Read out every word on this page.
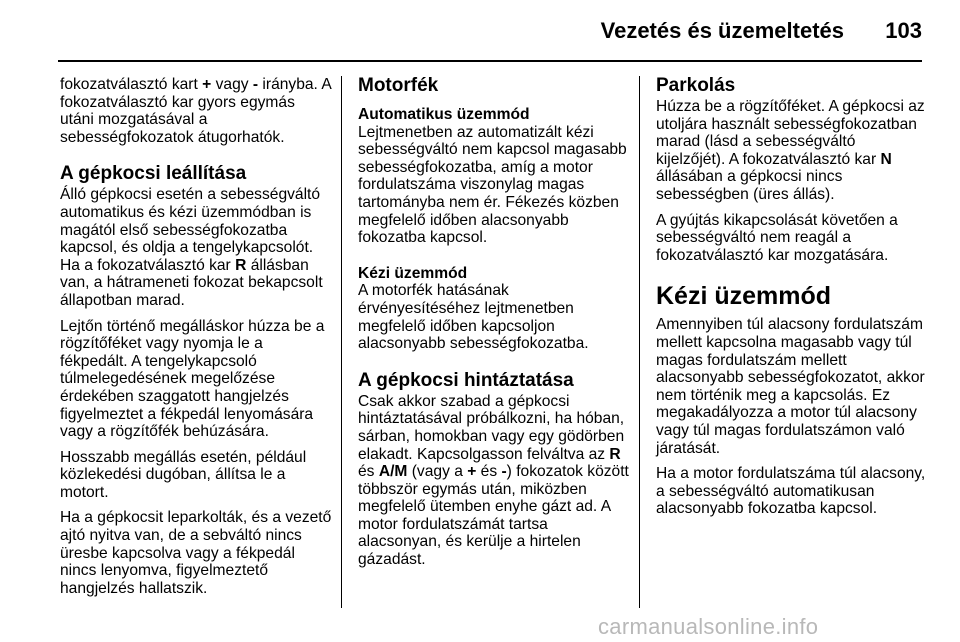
Vezetés és üzemeltetés 103

fokozatválasztó kart + vagy - irányba. A fokozatválasztó kar gyors egymás utáni mozgatásával a sebességfokozatok átugorhatók.

A gépkocsi leállítása

Álló gépkocsi esetén a sebességváltó automatikus és kézi üzemmódban is magától első sebességfokozatba kapcsol, és oldja a tengelykapcsolót. Ha a fokozatválasztó kar R állásban van, a hátrameneti fokozat bekapcsolt állapotban marad.

Lejtőn történő megálláskor húzza be a rögzítőféket vagy nyomja le a fékpedált. A tengelykapcsoló túlmelegedésének megelőzése érdekében szaggatott hangjelzés figyelmeztet a fékpedál lenyomására vagy a rögzítőfék behúzására.

Hosszabb megállás esetén, például közlekedési dugóban, állítsa le a motort.

Ha a gépkocsit leparkolták, és a vezető ajtó nyitva van, de a sebváltó nincs üresbe kapcsolva vagy a fékpedál nincs lenyomva, figyelmeztető hangjelzés hallatszik.

Motorfék
Automatikus üzemmód

Lejtmenetben az automatizált kézi sebességváltó nem kapcsol magasabb sebességfokozatba, amíg a motor fordulatszáma viszonylag magas tartományba nem ér. Fékezés közben megfelelő időben alacsonyabb fokozatba kapcsol.

Kézi üzemmód

A motorfék hatásának érvényesítéséhez lejtmenetben megfelelő időben kapcsoljon alacsonyabb sebességfokozatba.

A gépkocsi hintáztatása

Csak akkor szabad a gépkocsi hintáztatásával próbálkozni, ha hóban, sárban, homokban vagy egy gödörben elakadt. Kapcsolgasson felváltva az R és A/M (vagy a + és -) fokozatok között többször egymás után, miközben megfelelő ütemben enyhe gázt ad. A motor fordulatszámát tartsa alacsonyan, és kerülje a hirtelen gázadást.

Parkolás

Húzza be a rögzítőféket. A gépkocsi az utoljára használt sebességfokozatban marad (lásd a sebességváltó kijelzőjét). A fokozatválasztó kar N állásában a gépkocsi nincs sebességben (üres állás).

A gyújtás kikapcsolását követően a sebességváltó nem reagál a fokozatválasztó kar mozgatására.

Kézi üzemmód

Amennyiben túl alacsony fordulatszám mellett kapcsolna magasabb vagy túl magas fordulatszám mellett alacsonyabb sebességfokozatot, akkor nem történik meg a kapcsolás. Ez megakadályozza a motor túl alacsony vagy túl magas fordulatszámon való járatását.

Ha a motor fordulatszáma túl alacsony, a sebességváltó automatikusan alacsonyabb fokozatba kapcsol.

carmanualsonline.info
